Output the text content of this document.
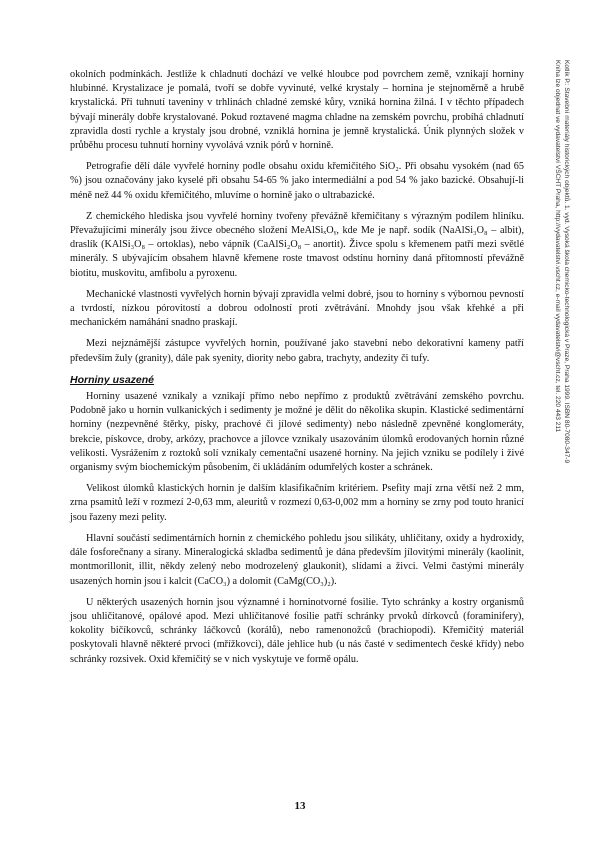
Kotlík P.: Stavební materiály historických objektů. 1. vyd. Vysoká škola chemicko-technologická v Praze, Praha 1999. ISBN 80-7080-347-9
Kniha lze objednat ve vydavatelství VŠCHT Praha, http://vydavatelstvi.vscht.cz, e-mail vydavatelstvi@vscht.cz, tel. 220 443 211

okolních podmínkách. Jestliže k chladnutí dochází ve velké hloubce pod povrchem země, vznikají horniny hlubinné. Krystalizace je pomalá, tvoří se dobře vyvinuté, velké krystaly – hornina je stejnoměrně a hrubě krystalická. Při tuhnutí taveniny v trhlinách chladné zemské kůry, vzniká hornina žilná. I v těchto případech bývají minerály dobře krystalované. Pokud roztavené magma chladne na zemském povrchu, probíhá chladnutí zpravidla dosti rychle a krystaly jsou drobné, vzniklá hornina je jemně krystalická. Únik plynných složek v průběhu procesu tuhnutí horniny vyvolává vznik pórů v hornině.

Petrografie dělí dále vyvřelé horniny podle obsahu oxidu křemičitého SiO₂. Při obsahu vysokém (nad 65 %) jsou označovány jako kyselé při obsahu 54-65 % jako intermediální a pod 54 % jako bazické. Obsahují-li méně než 44 % oxidu křemičitého, mluvíme o hornině jako o ultrabazické.

Z chemického hlediska jsou vyvřelé horniny tvořeny převážně křemičitany s výrazným podílem hliníku. Převažujícími minerály jsou živce obecného složení MeAlSiₓOᵧ, kde Me je např. sodík (NaAlSi₃O₈ – albit), draslík (KAlSi₃O₈ – ortoklas), nebo vápník (CaAlSi₂O₈ – anortit). Živce spolu s křemenem patří mezi světlé minerály. S ubývajícím obsahem hlavně křemene roste tmavost odstínu horniny daná přítomností převážně biotitu, muskovitu, amfibolu a pyroxenu.

Mechanické vlastnosti vyvřelých hornin bývají zpravidla velmi dobré, jsou to horniny s výbornou pevností a tvrdostí, nízkou pórovitostí a dobrou odolností proti zvětrávání. Mnohdy jsou však křehké a při mechanickém namáhání snadno praskají.

Mezi nejznámější zástupce vyvřelých hornin, používané jako stavební nebo dekorativní kameny patří především žuly (granity), dále pak syenity, diority nebo gabra, trachyty, andezity či tufy.

Horniny usazené

Horniny usazené vznikaly a vznikají přímo nebo nepřímo z produktů zvětrávání zemského povrchu. Podobně jako u hornin vulkanických i sedimenty je možné je dělit do několika skupin. Klastické sedimentární horniny (nezpevněné štěrky, písky, prachové či jílové sedimenty) nebo následně zpevněné konglomeráty, brekcie, pískovce, droby, arkózy, prachovce a jílovce vznikaly usazováním úlomků erodovaných hornin různé velikosti. Vysrážením z roztoků solí vznikaly cementační usazené horniny. Na jejich vzniku se podílely i živé organismy svým biochemickým působením, či ukládáním odumřelých koster a schránek.

Velikost úlomků klastických hornin je dalším klasifikačním kritériem. Psefity mají zrna větší než 2 mm, zrna psamitů leží v rozmezí 2-0,63 mm, aleuritů v rozmezí 0,63-0,002 mm a horniny se zrny pod touto hranicí jsou řazeny mezi pelity.

Hlavní součástí sedimentárních hornin z chemického pohledu jsou silikáty, uhličitany, oxidy a hydroxidy, dále fosforečnany a sírany. Mineralogická skladba sedimentů je dána především jílovitými minerály (kaolinit, montmorillonit, illit, někdy zelený nebo modrozelený glaukonit), slídami a živci. Velmi častými minerály usazených hornin jsou i kalcit (CaCO₃) a dolomit (CaMg(CO₃)₂).

U některých usazených hornin jsou významné i horninotvorné fosilie. Tyto schránky a kostry organismů jsou uhličitanové, opálové apod. Mezi uhličitanové fosilie patří schránky prvoků dírkovců (foraminifery), kokolity bičíkovců, schránky láčkovců (korálů), nebo ramenonožců (brachiopodi). Křemičitý materiál poskytovali hlavně některé prvoci (mřížkovci), dále jehlice hub (u nás časté v sedimentech české křídy) nebo schránky rozsivek. Oxid křemičitý se v nich vyskytuje ve formě opálu.

13
